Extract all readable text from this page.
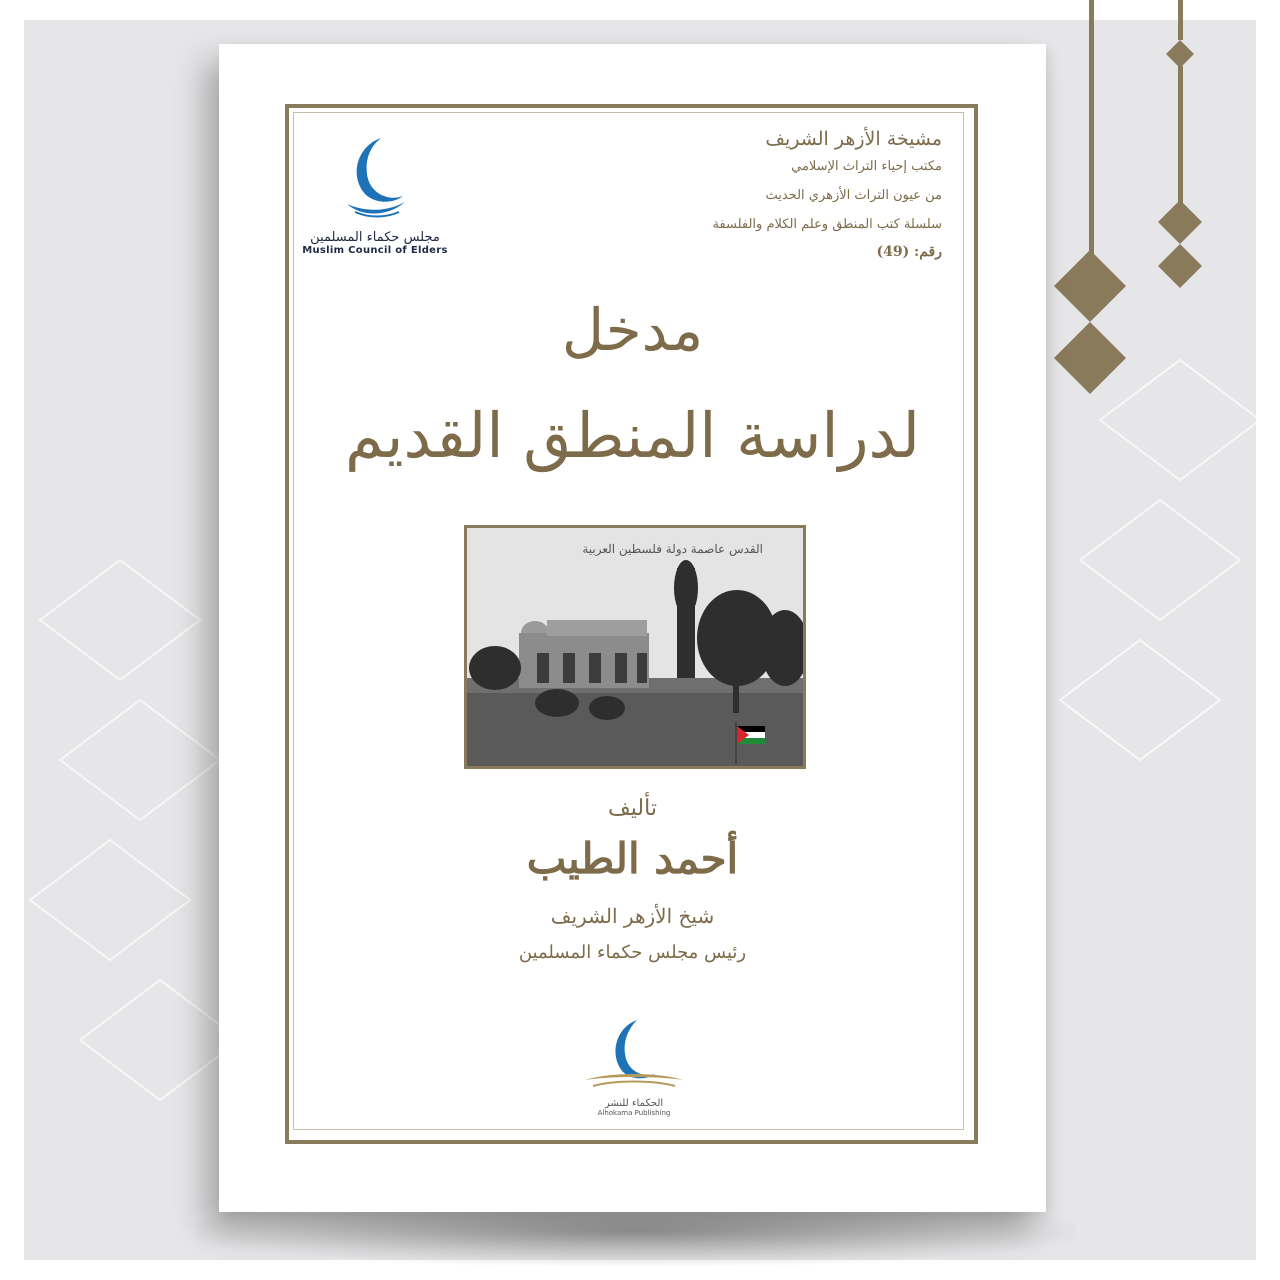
مجلس حكماء المسلمين
Muslim Council of Elders
مشيخة الأزهر الشريف
مكتب إحياء التراث الإسلامي
من عيون التراث الأزهري الحديث
سلسلة كتب المنطق وعلم الكلام والفلسفة
رقم: (49)
مدخل
لدراسة المنطق القديم
القدس عاصمة دولة فلسطين العربية
تأليف
أحمد الطيب
شيخ الأزهر الشريف
رئيس مجلس حكماء المسلمين
الحكماء للنشر
Alhokama Publishing
